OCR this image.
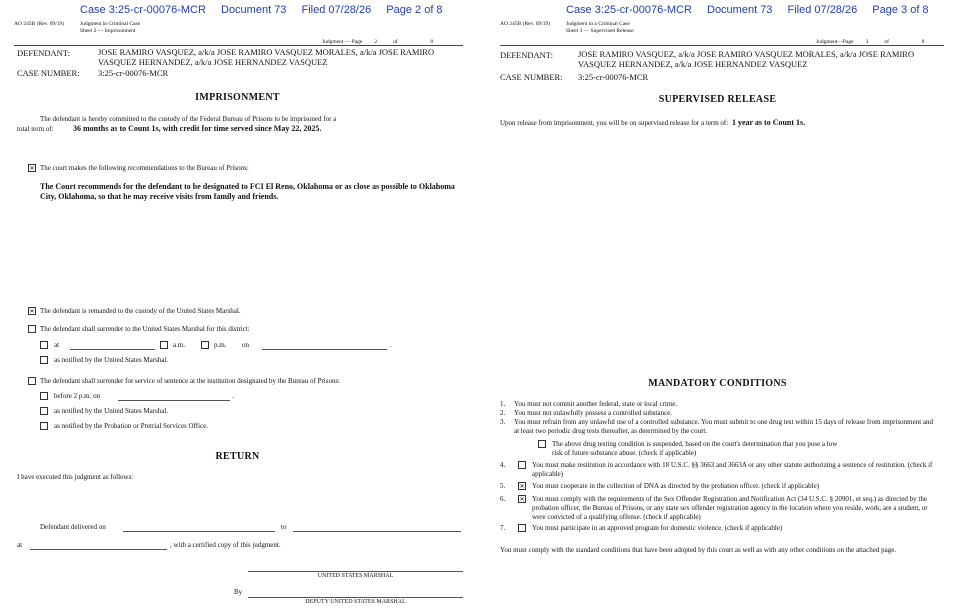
Case 3:25-cr-00076-MCR Document 73 Filed 07/28/26 Page 2 of 8
AO 245B (Rev. 09/19)	Judgment in Criminal Case
Sheet 2 — Imprisonment
Judgment — Page 2	of	8
DEFENDANT:	JOSE RAMIRO VASQUEZ, a/k/a JOSE RAMIRO VASQUEZ MORALES, a/k/a JOSE RAMIRO VASQUEZ HERNANDEZ, a/k/a JOSE HERNANDEZ VASQUEZ
CASE NUMBER: 3:25-cr-00076-MCR
IMPRISONMENT
The defendant is hereby committed to the custody of the Federal Bureau of Prisons to be imprisoned for a
total term of: 36 months as to Count 1s, with credit for time served since May 22, 2025.
✕
The court makes the following recommendations to the Bureau of Prisons:
The Court recommends for the defendant to be designated to FCI El Reno, Oklahoma or as close as possible to Oklahoma City, Oklahoma, so that he may receive visits from family and friends.
✕
The defendant is remanded to the custody of the United States Marshal.
The defendant shall surrender to the United States Marshal for this district:
at	a.m.	p.m. on	.
as notified by the United States Marshal.
The defendant shall surrender for service of sentence at the institution designated by the Bureau of Prisons:
before 2 p.m. on	.
as notified by the United States Marshal.
as notified by the Probation or Pretrial Services Office.
RETURN
I have executed this judgment as follows:
Defendant delivered on	to
at	, with a certified copy of this judgment.
UNITED STATES MARSHAL
By
DEPUTY UNITED STATES MARSHAL
Case 3:25-cr-00076-MCR Document 73 Filed 07/28/26 Page 3 of 8
AO 245B (Rev. 09/19)	Judgment in a Criminal Case
Sheet 3 — Supervised Release
Judgment—Page 3	of	8
DEFENDANT:	JOSE RAMIRO VASQUEZ, a/k/a JOSE RAMIRO VASQUEZ MORALES, a/k/a JOSE RAMIRO VASQUEZ HERNANDEZ, a/k/a JOSE HERNANDEZ VASQUEZ
CASE NUMBER: 3:25-cr-00076-MCR
SUPERVISED RELEASE
Upon release from imprisonment, you will be on supervised release for a term of: 1 year as to Count 1s.
MANDATORY CONDITIONS
1. You must not commit another federal, state or local crime.
2. You must not unlawfully possess a controlled substance.
3. You must refrain from any unlawful use of a controlled substance. You must submit to one drug test within 15 days of release from imprisonment and at least two periodic drug tests thereafter, as determined by the court.
The above drug testing condition is suspended, based on the court's determination that you pose a low risk of future substance abuse. (check if applicable)
4.	You must make restitution in accordance with 18 U.S.C. §§ 3663 and 3663A or any other statute authorizing a sentence of restitution. (check if applicable)
5. ✕	You must cooperate in the collection of DNA as directed by the probation officer. (check if applicable)
6. ✕	You must comply with the requirements of the Sex Offender Registration and Notification Act (34 U.S.C. § 20901, et seq.) as directed by the probation officer, the Bureau of Prisons, or any state sex offender registration agency in the location where you reside, work, are a student, or were convicted of a qualifying offense. (check if applicable)
7.	You must participate in an approved program for domestic violence. (check if applicable)
You must comply with the standard conditions that have been adopted by this court as well as with any other conditions on the attached page.
